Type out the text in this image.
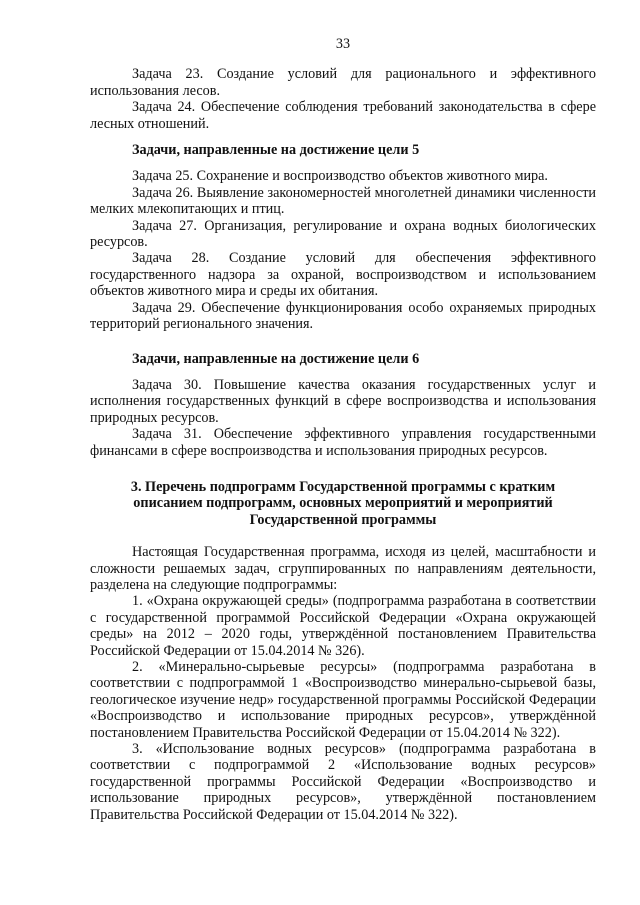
33

Задача 23. Создание условий для рационального и эффективного использования лесов.

Задача 24. Обеспечение соблюдения требований законодательства в сфере лесных отношений.

Задачи, направленные на достижение цели 5

Задача 25. Сохранение и воспроизводство объектов животного мира.

Задача 26. Выявление закономерностей многолетней динамики численности мелких млекопитающих и птиц.

Задача 27. Организация, регулирование и охрана водных биологических ресурсов.

Задача 28. Создание условий для обеспечения эффективного государственного надзора за охраной, воспроизводством и использованием объектов животного мира и среды их обитания.

Задача 29. Обеспечение функционирования особо охраняемых природных территорий регионального значения.

Задачи, направленные на достижение цели 6

Задача 30. Повышение качества оказания государственных услуг и исполнения государственных функций в сфере воспроизводства и использования природных ресурсов.

Задача 31. Обеспечение эффективного управления государственными финансами в сфере воспроизводства и использования природных ресурсов.

3. Перечень подпрограмм Государственной программы с кратким
описанием подпрограмм, основных мероприятий и мероприятий
Государственной программы

Настоящая Государственная программа, исходя из целей, масштабности и сложности решаемых задач, сгруппированных по направлениям деятельности, разделена на следующие подпрограммы:

1. «Охрана окружающей среды» (подпрограмма разработана в соответствии с государственной программой Российской Федерации «Охрана окружающей среды» на 2012 – 2020 годы, утверждённой постановлением Правительства Российской Федерации от 15.04.2014 № 326).

2. «Минерально-сырьевые ресурсы» (подпрограмма разработана в соответствии с подпрограммой 1 «Воспроизводство минерально-сырьевой базы, геологическое изучение недр» государственной программы Российской Федерации «Воспроизводство и использование природных ресурсов», утверждённой постановлением Правительства Российской Федерации от 15.04.2014 № 322).

3. «Использование водных ресурсов» (подпрограмма разработана в соответствии с подпрограммой 2 «Использование водных ресурсов» государственной программы Российской Федерации «Воспроизводство и использование природных ресурсов», утверждённой постановлением Правительства Российской Федерации от 15.04.2014 № 322).
